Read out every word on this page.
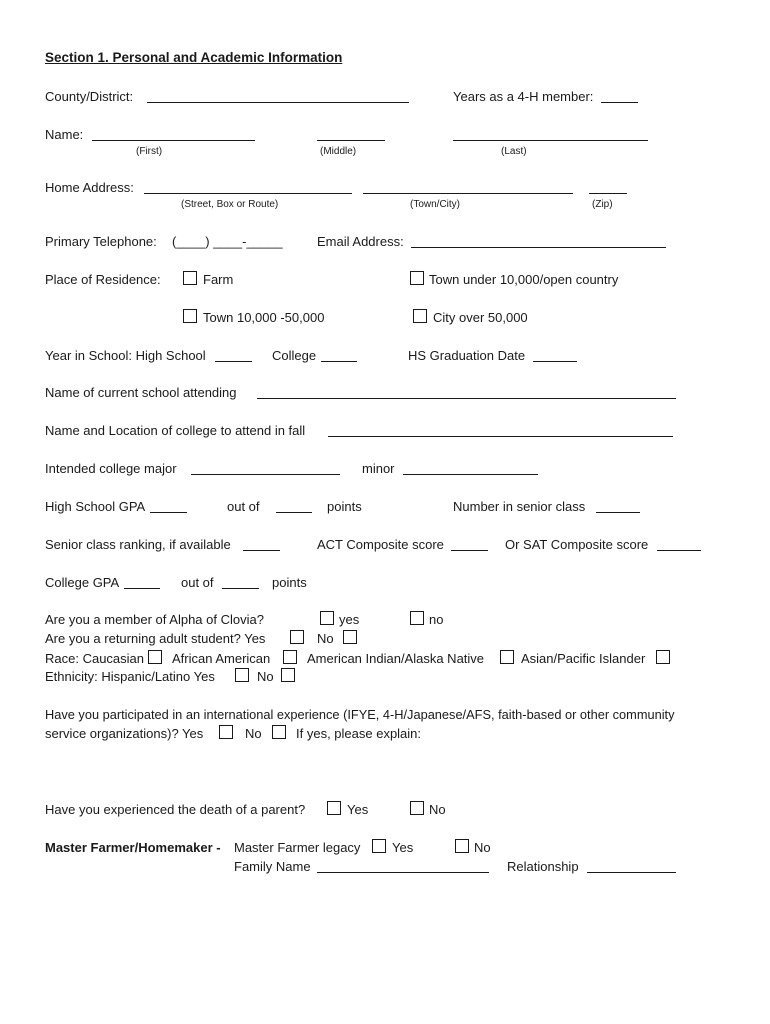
Section 1. Personal and Academic Information
County/District:	Years as a 4-H member:
Name:
(First)	(Middle)	(Last)
Home Address:
(Street, Box or Route)	(Town/City)	(Zip)
Primary Telephone: (____) ____-_____	Email Address:
Place of Residence:	Farm	Town under 10,000/open country
Town 10,000 -50,000	City over 50,000
Year in School: High School	College	HS Graduation Date
Name of current school attending
Name and Location of college to attend in fall
Intended college major	minor
High School GPA	out of	points	Number in senior class
Senior class ranking, if available	ACT Composite score	Or SAT Composite score
College GPA	out of	points
Are you a member of Alpha of Clovia?	yes	no
Are you a returning adult student? Yes	No
Race: Caucasian African American	American Indian/Alaska Native	Asian/Pacific Islander
Ethnicity: Hispanic/Latino Yes	No
Have you participated in an international experience (IFYE, 4-H/Japanese/AFS, faith-based or other community
service organizations)? Yes	No	If yes, please explain:
Have you experienced the death of a parent?	Yes	No
Master Farmer/Homemaker - Master Farmer legacy Yes	No
Family Name	Relationship
